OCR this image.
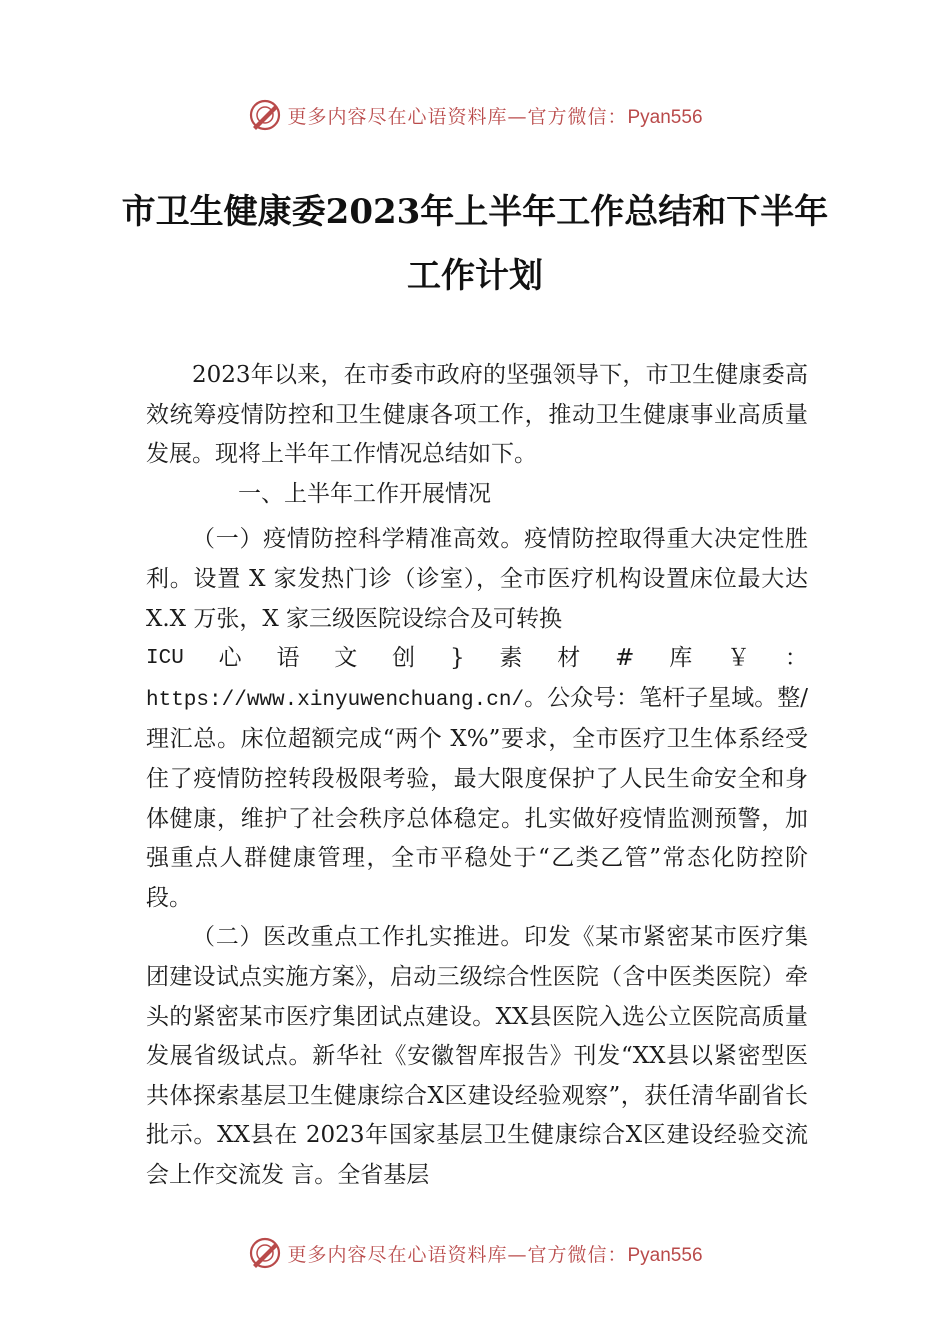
更多内容尽在心语资料库—官方微信：Pyan556
市卫生健康委2023年上半年工作总结和下半年工作计划

2023年以来，在市委市政府的坚强领导下，市卫生健康委高效统筹疫情防控和卫生健康各项工作，推动卫生健康事业高质量发展。现将上半年工作情况总结如下。

一、上半年工作开展情况

（一）疫情防控科学精准高效。疫情防控取得重大决定性胜利。设置 X 家发热门诊（诊室），全市医疗机构设置床位最大达 X.X 万张，X 家三级医院设综合及可转换

ICU 心 语 文 创 } 素 材 # 库 ￥ ：

https://www.xinyuwenchuang.cn/。公众号：笔杆子星域。整/理汇总。床位超额完成“两个 X%”要求，全市医疗卫生体系经受住了疫情防控转段极限考验，最大限度保护了人民生命安全和身体健康，维护了社会秩序总体稳定。扎实做好疫情监测预警，加强重点人群健康管理，全市平稳处于“乙类乙管”常态化防控阶段。

（二）医改重点工作扎实推进。印发《某市紧密某市医疗集团建设试点实施方案》，启动三级综合性医院（含中医类医院）牵头的紧密某市医疗集团试点建设。XX县医院入选公立医院高质量发展省级试点。新华社《安徽智库报告》刊发“XX县以紧密型医共体探索基层卫生健康综合X区建设经验观察”，获任清华副省长批示。XX县在 2023年国家基层卫生健康综合X区建设经验交流会上作交流发 言。全省基层

更多内容尽在心语资料库—官方微信：Pyan556
